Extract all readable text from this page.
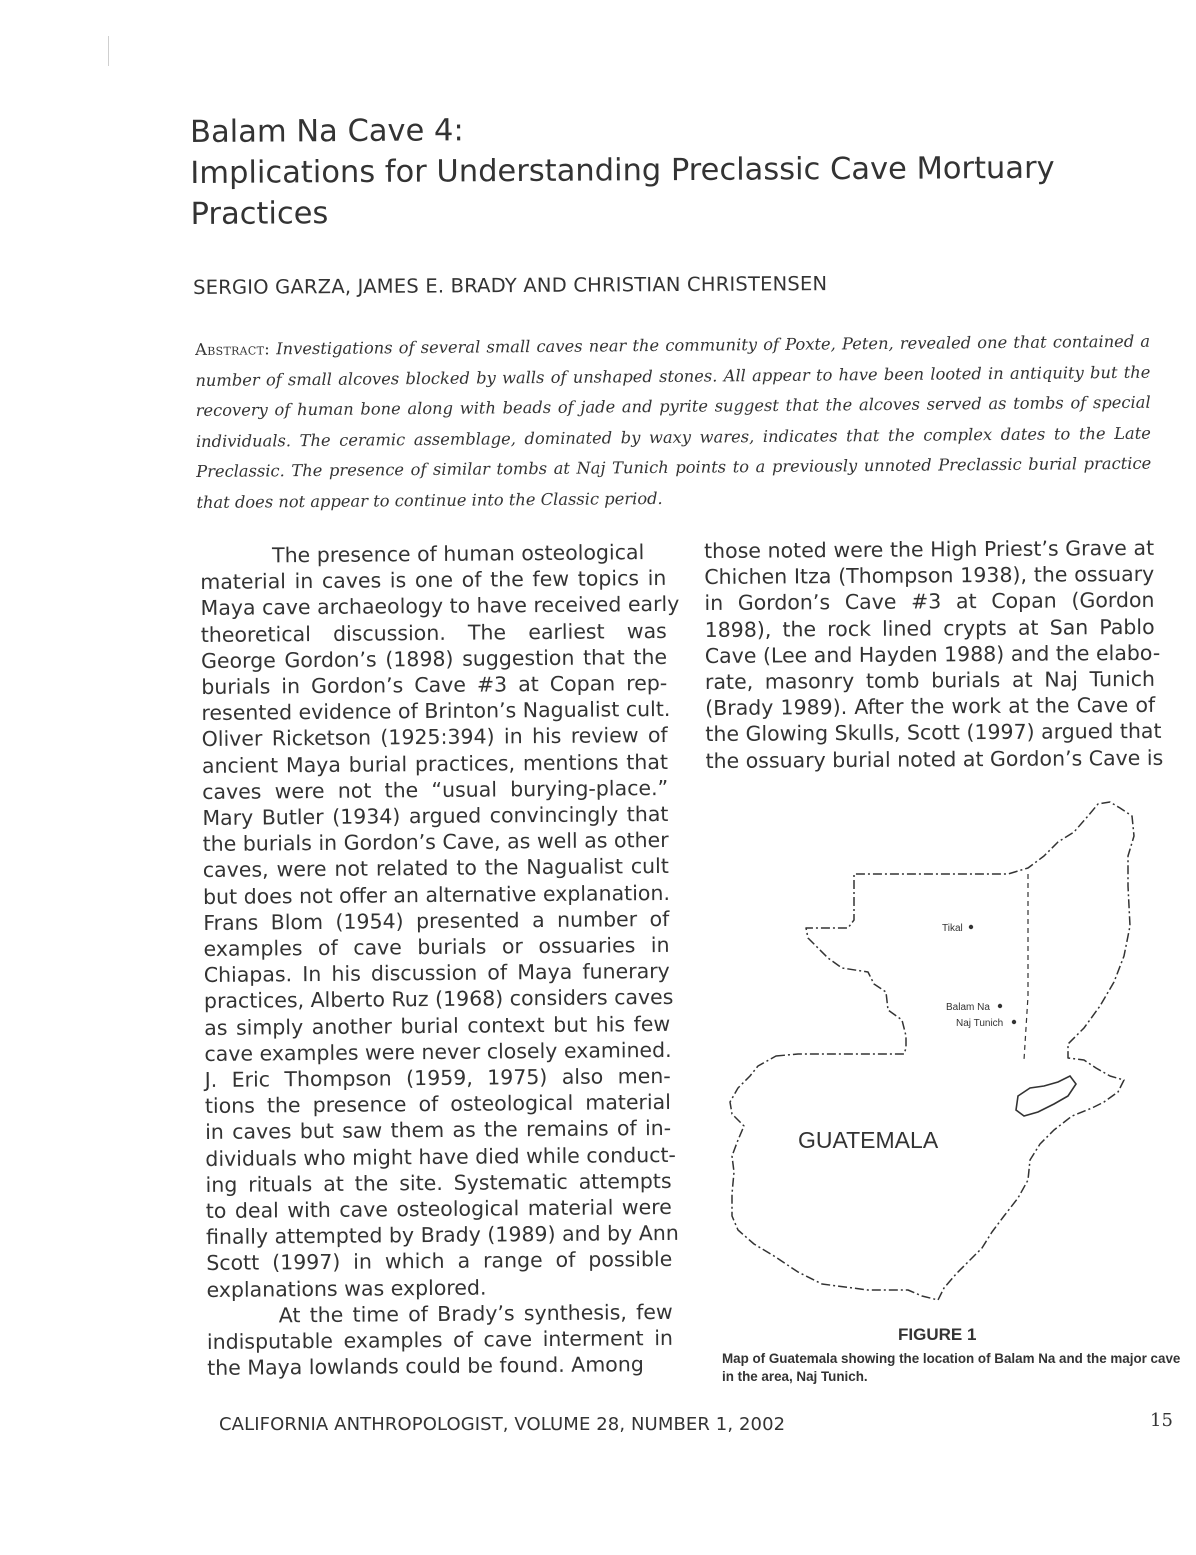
Balam Na Cave 4:
Implications for Understanding Preclassic Cave Mortuary
Practices
SERGIO GARZA, JAMES E. BRADY AND CHRISTIAN CHRISTENSEN
Abstract: Investigations of several small caves near the community of Poxte, Peten, revealed one that contained a number of small alcoves blocked by walls of unshaped stones. All appear to have been looted in antiquity but the recovery of human bone along with beads of jade and pyrite suggest that the alcoves served as tombs of special individuals. The ceramic assemblage, dominated by waxy wares, indicates that the complex dates to the Late Preclassic. The presence of similar tombs at Naj Tunich points to a previously unnoted Preclassic burial practice that does not appear to continue into the Classic period.
The presence of human osteological
material in caves is one of the few topics in
Maya cave archaeology to have received early
theoretical discussion. The earliest was
George Gordon’s (1898) suggestion that the
burials in Gordon’s Cave #3 at Copan rep-
resented evidence of Brinton’s Nagualist cult.
Oliver Ricketson (1925:394) in his review of
ancient Maya burial practices, mentions that
caves were not the “usual burying-place.”
Mary Butler (1934) argued convincingly that
the burials in Gordon’s Cave, as well as other
caves, were not related to the Nagualist cult
but does not offer an alternative explanation.
Frans Blom (1954) presented a number of
examples of cave burials or ossuaries in
Chiapas. In his discussion of Maya funerary
practices, Alberto Ruz (1968) considers caves
as simply another burial context but his few
cave examples were never closely examined.
J. Eric Thompson (1959, 1975) also men-
tions the presence of osteological material
in caves but saw them as the remains of in-
dividuals who might have died while conduct-
ing rituals at the site. Systematic attempts
to deal with cave osteological material were
finally attempted by Brady (1989) and by Ann
Scott (1997) in which a range of possible
explanations was explored.
At the time of Brady’s synthesis, few
indisputable examples of cave interment in
the Maya lowlands could be found. Among
those noted were the High Priest’s Grave at
Chichen Itza (Thompson 1938), the ossuary
in Gordon’s Cave #3 at Copan (Gordon
1898), the rock lined crypts at San Pablo
Cave (Lee and Hayden 1988) and the elabo-
rate, masonry tomb burials at Naj Tunich
(Brady 1989). After the work at the Cave of
the Glowing Skulls, Scott (1997) argued that
the ossuary burial noted at Gordon’s Cave is
Tikal
Balam Na
Naj Tunich
GUATEMALA
FIGURE 1
Map of Guatemala showing the location of Balam Na and the major cave in the area, Naj Tunich.
CALIFORNIA ANTHROPOLOGIST, VOLUME 28, NUMBER 1, 2002	15
